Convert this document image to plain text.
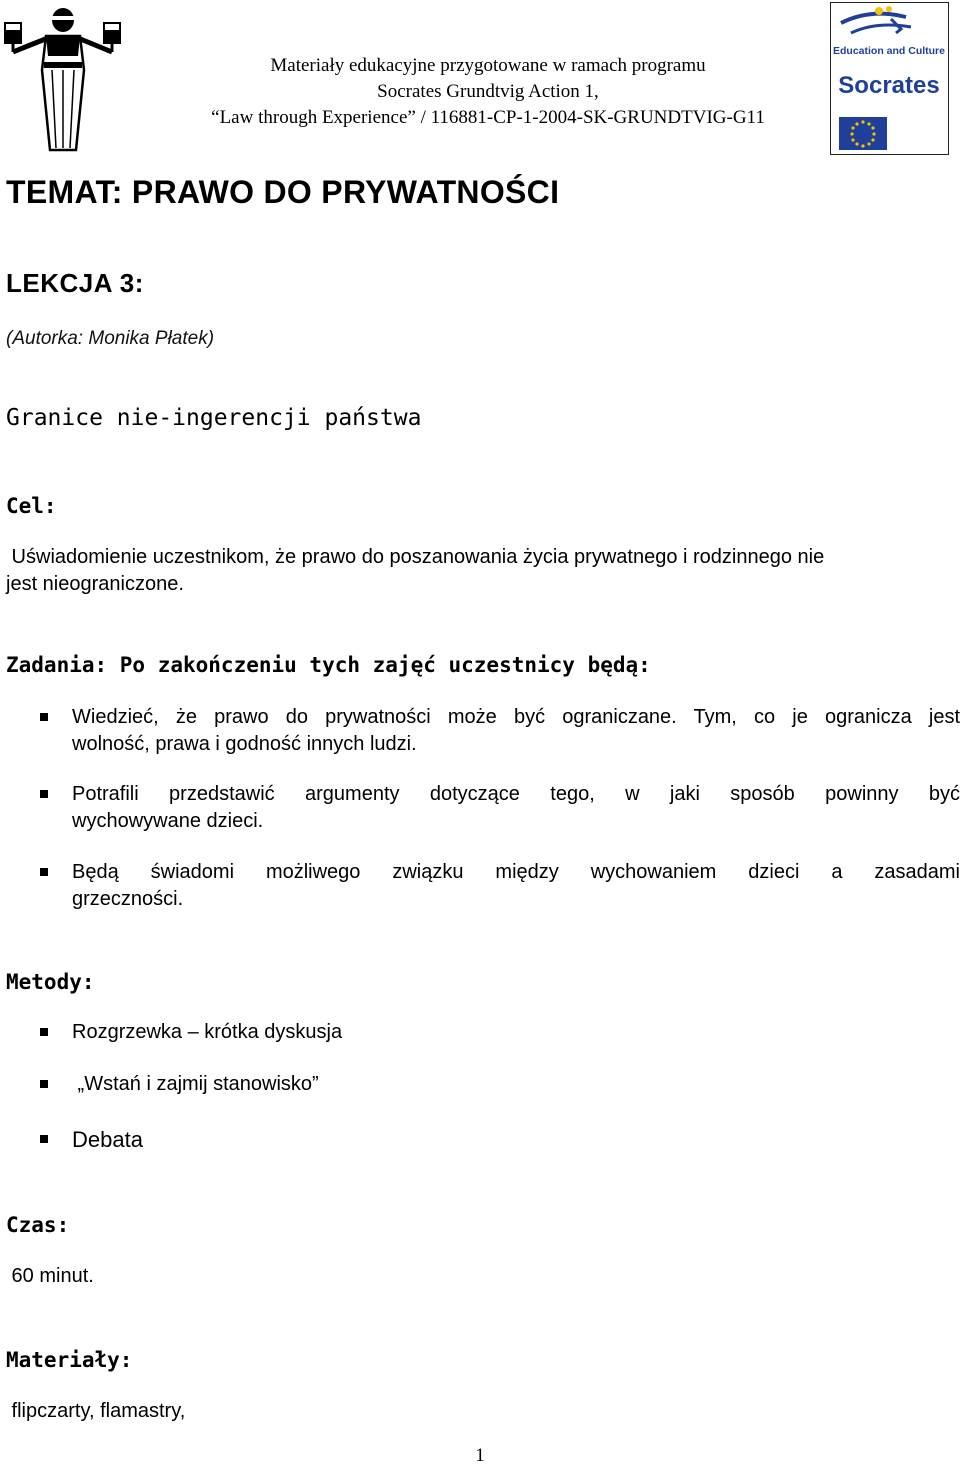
Materiały edukacyjne przygotowane w ramach programu
Socrates Grundtvig Action 1,
“Law through Experience” / 116881-CP-1-2004-SK-GRUNDTVIG-G11
Education and Culture
Socrates
TEMAT: PRAWO DO PRYWATNOŚCI
LEKCJA 3:
(Autorka: Monika Płatek)
Granice nie-ingerencji państwa
Cel:
Uświadomienie uczestnikom, że prawo do poszanowania życia prywatnego i rodzinnego nie
jest nieograniczone.
Zadania: Po zakończeniu tych zajęć uczestnicy będą:
Wiedzieć, że prawo do prywatności może być ograniczane. Tym, co je ogranicza jest
wolność, prawa i godność innych ludzi.
Potrafili przedstawić argumenty dotyczące tego, w jaki sposób powinny być
wychowywane dzieci.
Będą świadomi możliwego związku między wychowaniem dzieci a zasadami
grzeczności.
Metody:
Rozgrzewka – krótka dyskusja
„Wstań i zajmij stanowisko”
Debata
Czas:
60 minut.
Materiały:
flipczarty, flamastry,
1
